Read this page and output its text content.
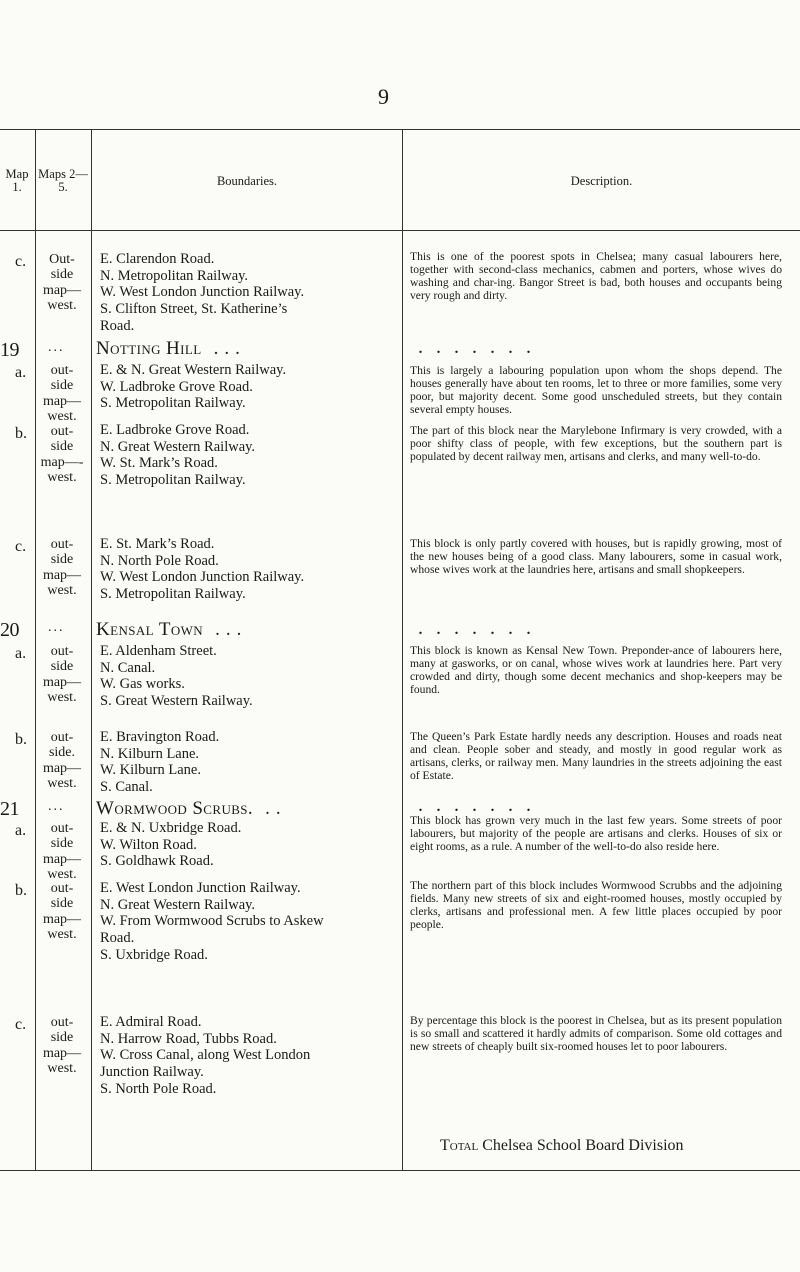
9
Map 1.
Maps 2—5.	Boundaries.	Description.
c.	Out- side map— west.
E. Clarendon Road.
N. Metropolitan Railway.
W. West London Junction Railway.
S. Clifton Street, St. Katherine’s
Road.
This is one of the poorest spots in Chelsea; many casual labourers here, together with second-class mechanics, cabmen and porters, whose wives do washing and char-ing. Bangor Street is bad, both houses and occupants being very rough and dirty.
19 ... Notting Hill ...	.......
a.	out- side map— west.
E. & N. Great Western Railway.
W. Ladbroke Grove Road.
S. Metropolitan Railway.
This is largely a labouring population upon whom the shops depend. The houses generally have about ten rooms, let to three or more families, some very poor, but majority decent. Some good unscheduled streets, but they contain several empty houses.
b.	out- side map—- west.
E. Ladbroke Grove Road.
N. Great Western Railway.
W. St. Mark’s Road.
S. Metropolitan Railway.
The part of this block near the Marylebone Infirmary is very crowded, with a poor shifty class of people, with few exceptions, but the southern part is populated by decent railway men, artisans and clerks, and many well-to-do.
c.	out- side map— west.
E. St. Mark’s Road.
N. North Pole Road.
W. West London Junction Railway.
S. Metropolitan Railway.
This block is only partly covered with houses, but is rapidly growing, most of the new houses being of a good class. Many labourers, some in casual work, whose wives work at the laundries here, artisans and small shopkeepers.
20 ... Kensal Town ...	.......
a.	out- side map— west.
E. Aldenham Street.
N. Canal.
W. Gas works.
S. Great Western Railway.
This block is known as Kensal New Town. Preponder-ance of labourers here, many at gasworks, or on canal, whose wives work at laundries here. Part very crowded and dirty, though some decent mechanics and shop-keepers may be found.
b.	out- side. map— west.
E. Bravington Road.
N. Kilburn Lane.
W. Kilburn Lane.
S. Canal.
The Queen’s Park Estate hardly needs any description. Houses and roads neat and clean. People sober and steady, and mostly in good regular work as artisans, clerks, or railway men. Many laundries in the streets adjoining the east of Estate.
21 ... Wormwood Scrubs. ..	.......
a.	out- side map— west.
E. & N. Uxbridge Road.
W. Wilton Road.
S. Goldhawk Road.
This block has grown very much in the last few years. Some streets of poor labourers, but majority of the people are artisans and clerks. Houses of six or eight rooms, as a rule. A number of the well-to-do also reside here.
b.	out- side map— west.
E. West London Junction Railway.
N. Great Western Railway.
W. From Wormwood Scrubs to Askew
Road.
S. Uxbridge Road.
The northern part of this block includes Wormwood Scrubbs and the adjoining fields. Many new streets of six and eight-roomed houses, mostly occupied by clerks, artisans and professional men. A few little places occupied by poor people.
c.	out- side map— west.
E. Admiral Road.
N. Harrow Road, Tubbs Road.
W. Cross Canal, along West London
Junction Railway.
S. North Pole Road.
By percentage this block is the poorest in Chelsea, but as its present population is so small and scattered it hardly admits of comparison. Some old cottages and new streets of cheaply built six-roomed houses let to poor labourers.
Total Chelsea School Board Division
